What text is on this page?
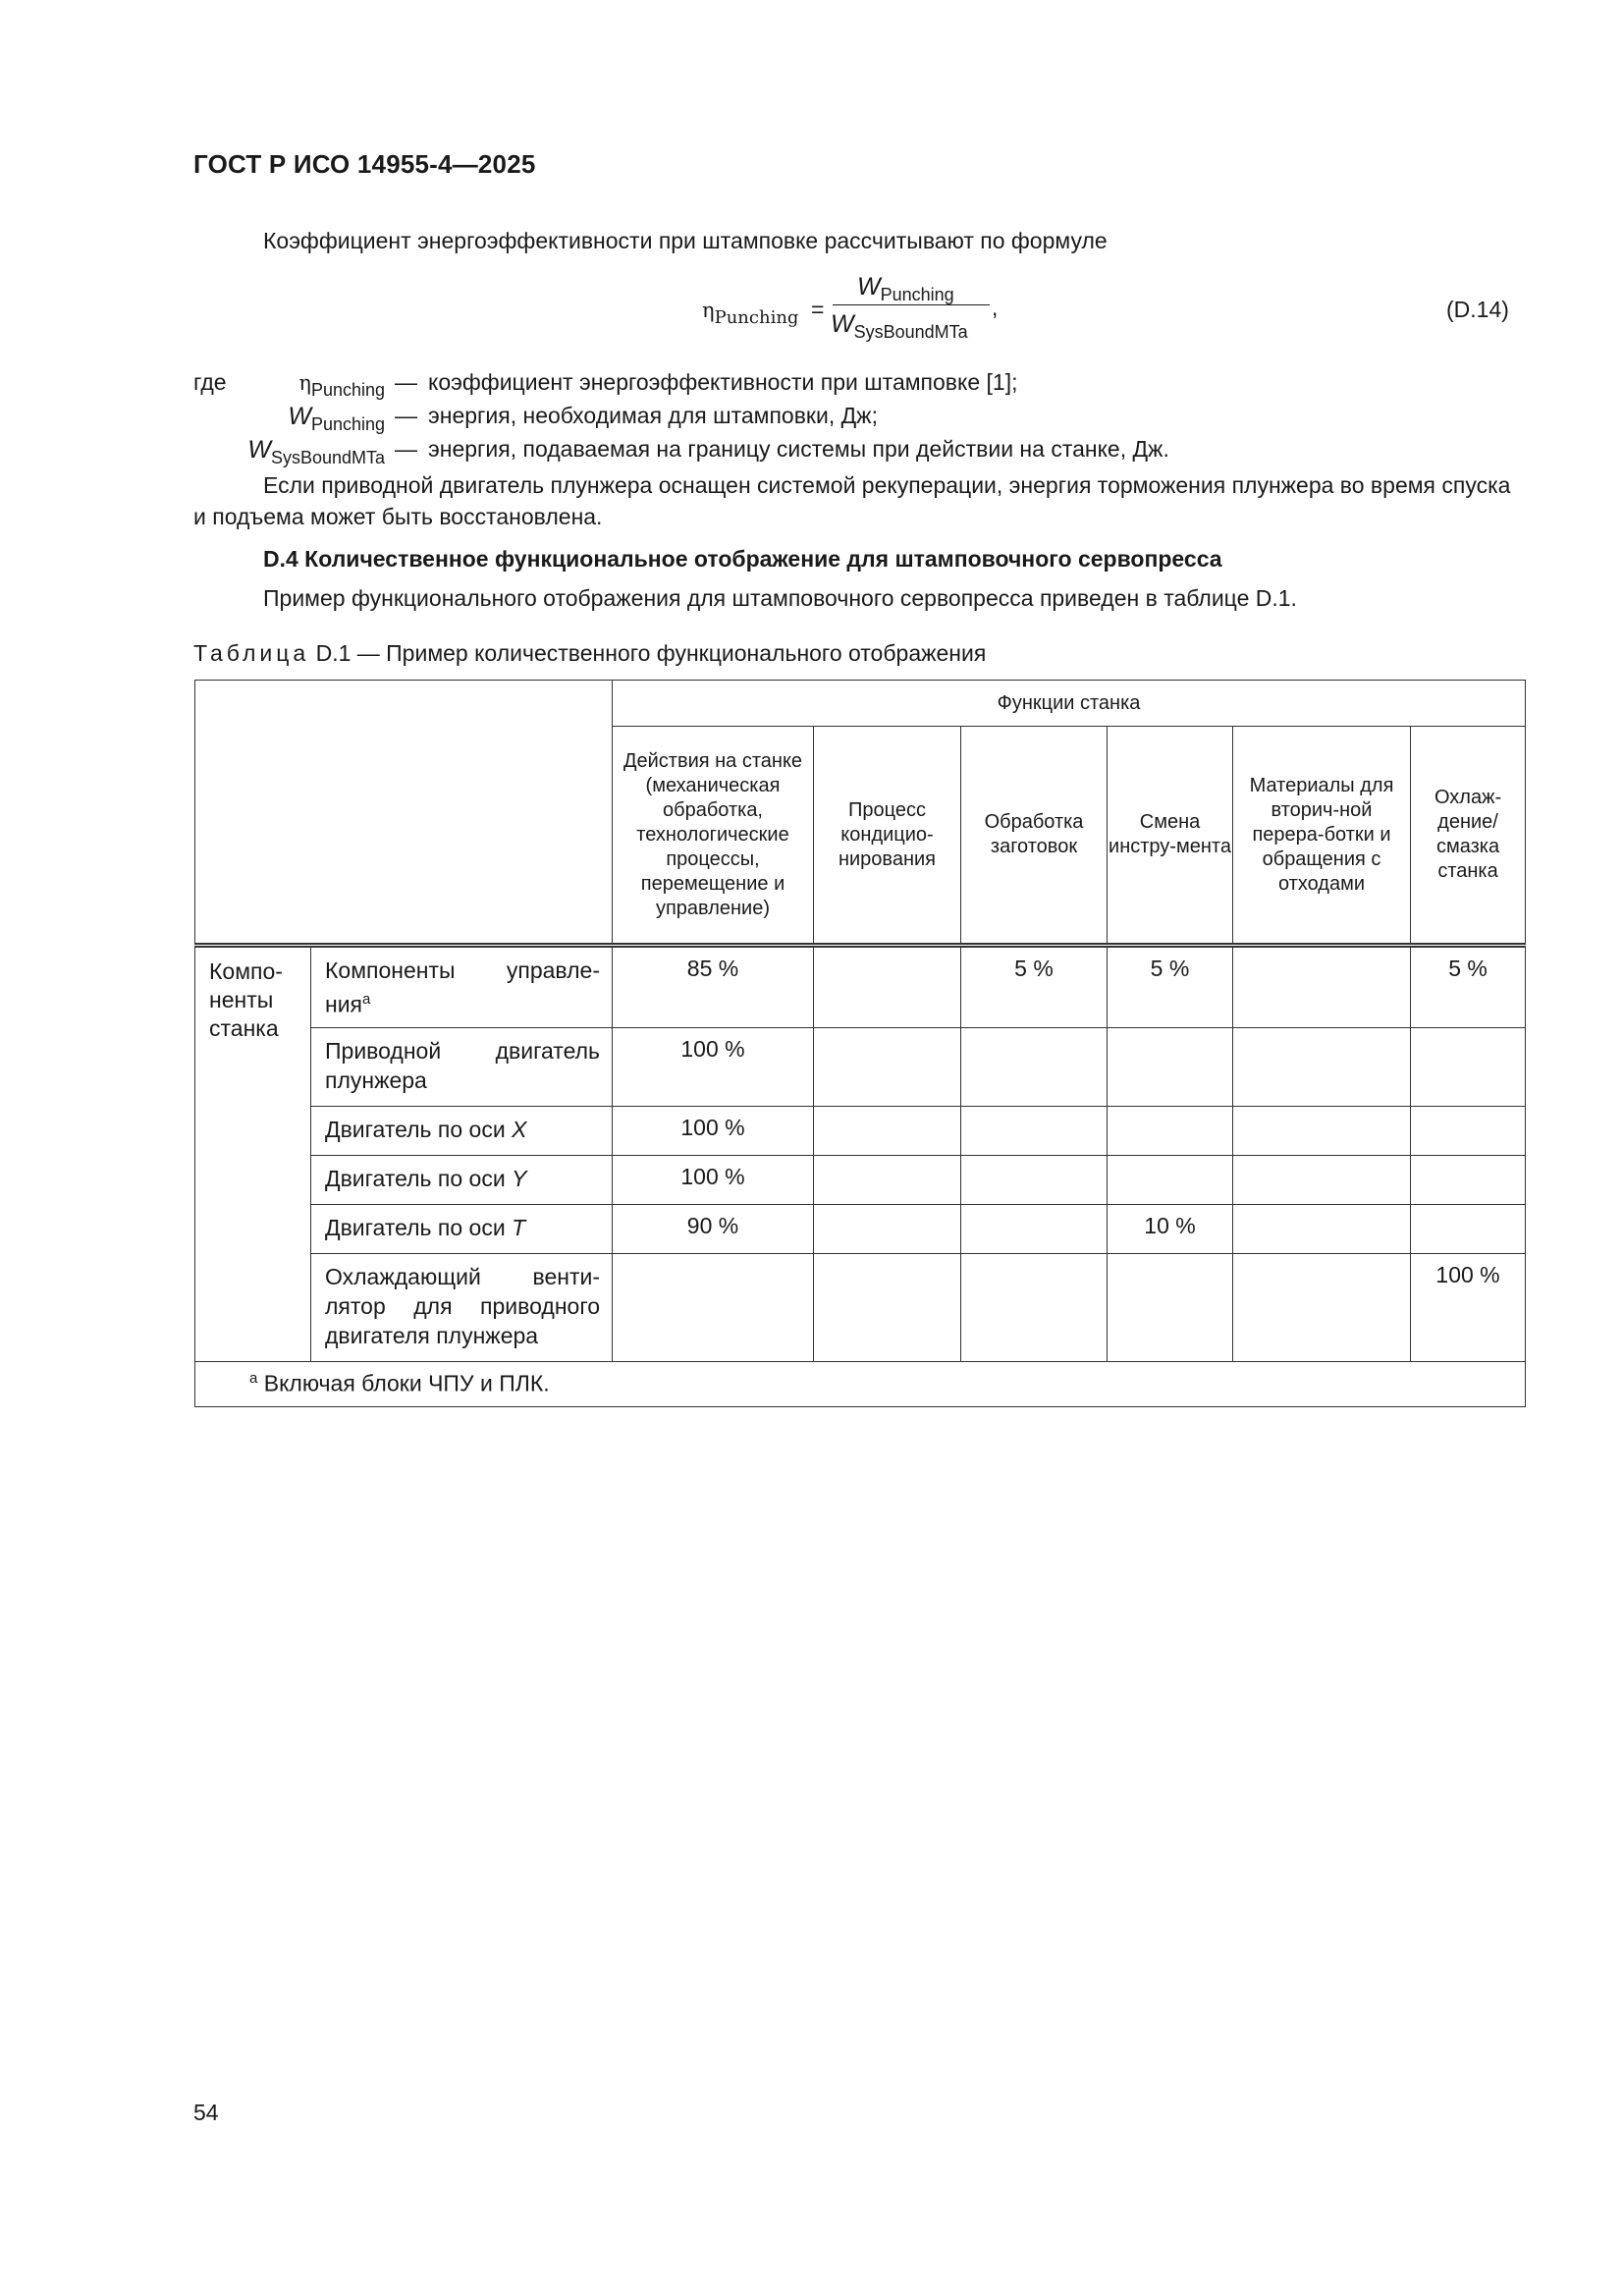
ГОСТ Р ИСО 14955-4—2025
Коэффициент энергоэффективности при штамповке рассчитывают по формуле
ηPunching =
$W_{Punching}$
$W_{SysBoundMTa}$
,	(D.14)
где	$\eta_{Punching}$ — коэффициент энергоэффективности при штамповке [1];
$W_{Punching}$ — энергия, необходимая для штамповки, Дж;
$W_{SysBoundMTa}$ — энергия, подаваемая на границу системы при действии на станке, Дж.
Если приводной двигатель плунжера оснащен системой рекуперации, энергия торможения плунжера во время спуска и подъема может быть восстановлена.
D.4 Количественное функциональное отображение для штамповочного сервопресса
Пример функционального отображения для штамповочного сервопресса приведен в таблице D.1.
Таблица D.1 — Пример количественного функционального отображения
		Функции станка					
		Действия на станке (механическая обработка, технологические процессы, перемещение и управление)	Процесс кондицио-нирования	Обработка заготовок	Смена инстру-мента	Материалы для вторич-ной перера-ботки и обращения с отходами	Охлаж-дение/ смазка станка
Компо-ненты станка	Компоненты управле-ния$^a$	85 %		5 %	5 %		5 %
	Приводной двигатель плунжера	100 %					
	Двигатель по оси X	100 %					
	Двигатель по оси Y	100 %					
	Двигатель по оси T	90 %			10 %		
	Охлаждающий венти-лятор для приводного двигателя плунжера						100 %
$^a$ Включая блоки ЧПУ и ПЛК.							
54
